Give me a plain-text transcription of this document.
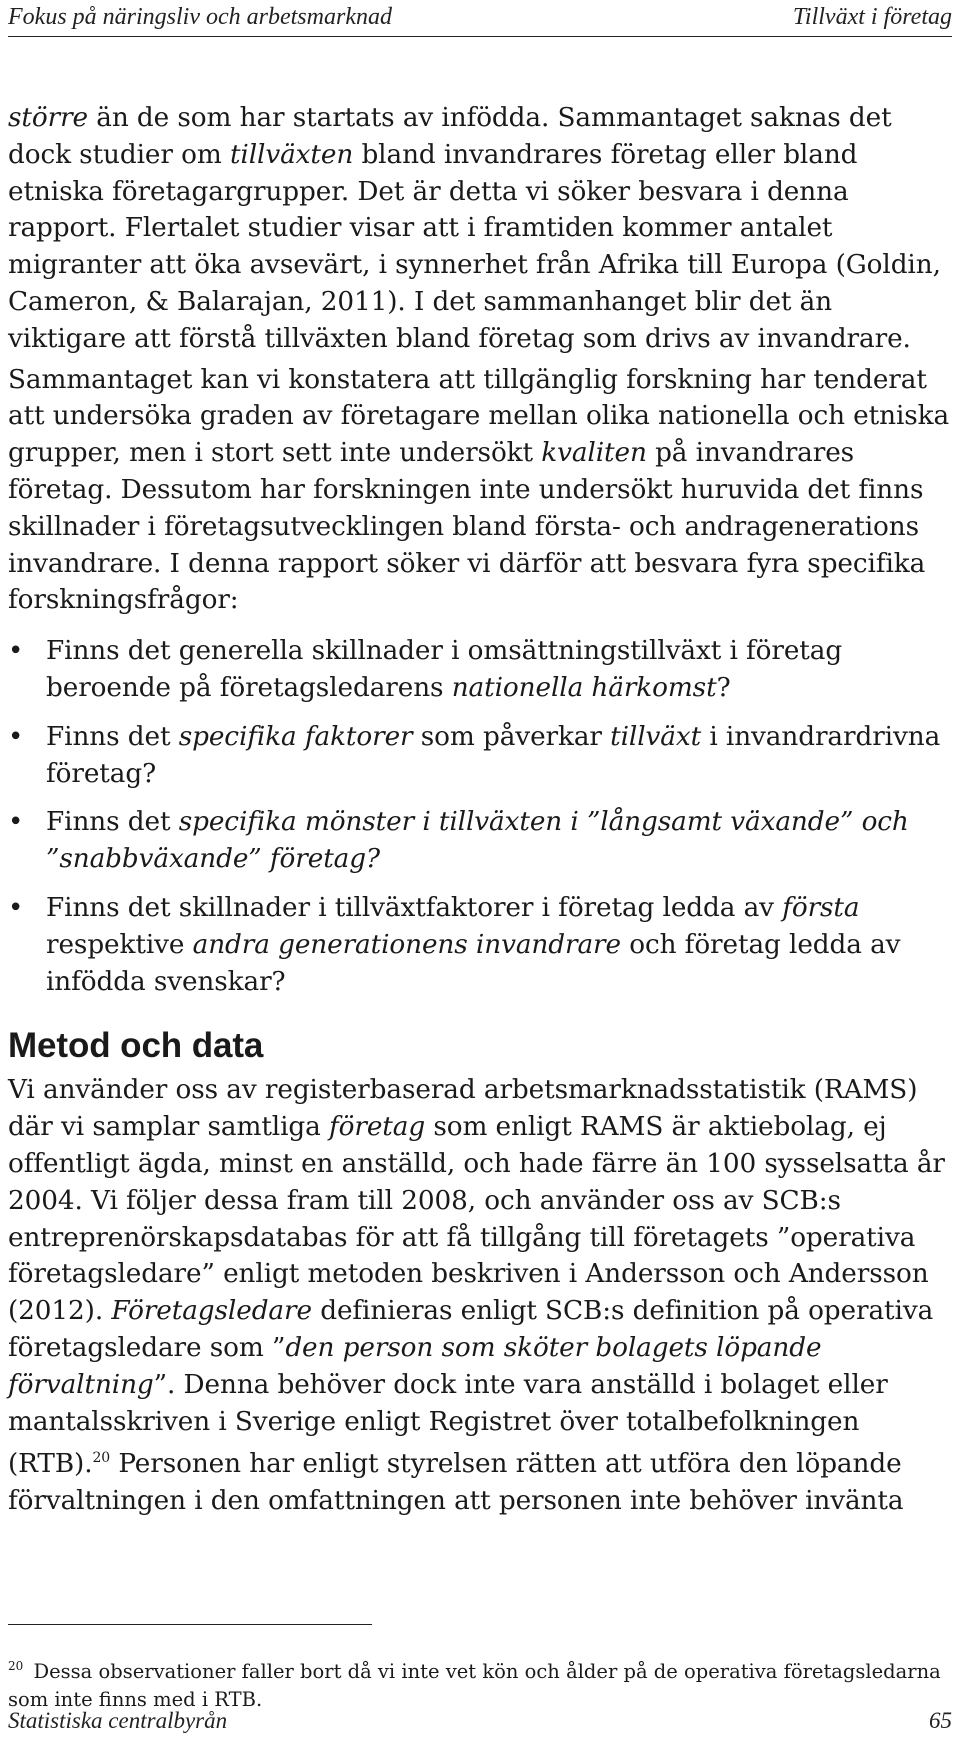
Fokus på näringsliv och arbetsmarknad	Tillväxt i företag

större än de som har startats av infödda. Sammantaget saknas det dock studier om tillväxten bland invandrares företag eller bland etniska företagargrupper. Det är detta vi söker besvara i denna rapport. Flertalet studier visar att i framtiden kommer antalet migranter att öka avsevärt, i synnerhet från Afrika till Europa (Goldin, Cameron, & Balarajan, 2011). I det sammanhanget blir det än viktigare att förstå tillväxten bland företag som drivs av invandrare.

Sammantaget kan vi konstatera att tillgänglig forskning har tenderat att undersöka graden av företagare mellan olika nationella och etniska grupper, men i stort sett inte undersökt kvaliten på invandrares företag. Dessutom har forskningen inte undersökt huruvida det finns skillnader i företagsutvecklingen bland första- och andragenerations invandrare. I denna rapport söker vi därför att besvara fyra specifika forskningsfrågor:

• Finns det generella skillnader i omsättningstillväxt i företag beroende på företagsledarens nationella härkomst?
• Finns det specifika faktorer som påverkar tillväxt i invandrardrivna företag?
• Finns det specifika mönster i tillväxten i ”långsamt växande” och ”snabbväxande” företag?
• Finns det skillnader i tillväxtfaktorer i företag ledda av första respektive andra generationens invandrare och företag ledda av infödda svenskar?
Metod och data

Vi använder oss av registerbaserad arbetsmarknadsstatistik (RAMS) där vi samplar samtliga företag som enligt RAMS är aktiebolag, ej offentligt ägda, minst en anställd, och hade färre än 100 sysselsatta år 2004. Vi följer dessa fram till 2008, och använder oss av SCB:s entreprenörskapsdatabas för att få tillgång till företagets ”operativa företagsledare” enligt metoden beskriven i Andersson och Andersson (2012). Företagsledare definieras enligt SCB:s definition på operativa företagsledare som ”den person som sköter bolagets löpande förvaltning”. Denna behöver dock inte vara anställd i bolaget eller mantalsskriven i Sverige enligt Registret över totalbefolkningen (RTB).$^{20}$ Personen har enligt styrelsen rätten att utföra den löpande förvaltningen i den omfattningen att personen inte behöver invänta

$^{20}$ Dessa observationer faller bort då vi inte vet kön och ålder på de operativa företagsledarna som inte finns med i RTB.
Statistiska centralbyrån	65
